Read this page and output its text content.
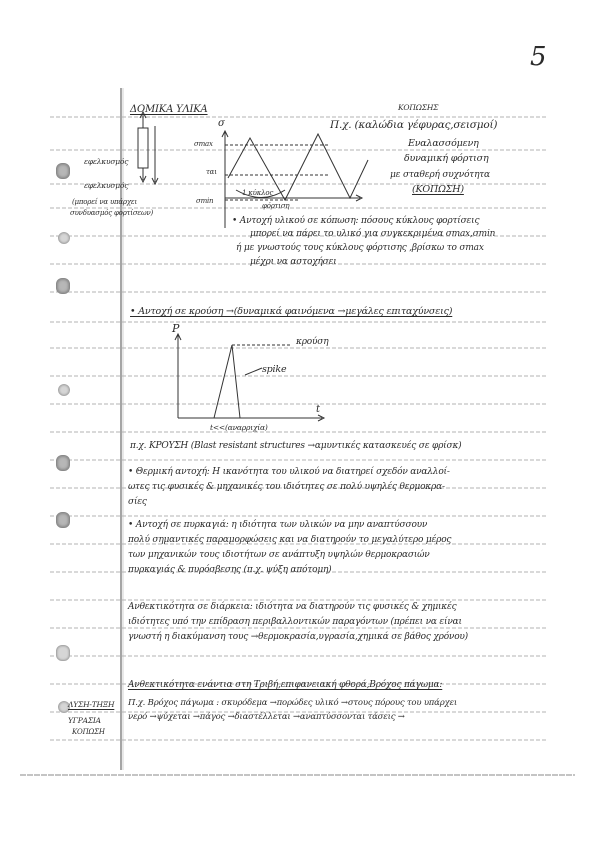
5
ΔΟΜΙΚΑ ΥΛΙΚΑ	ΚΟΠΩΣΗΣ
Π.χ. (καλώδια γέφυρας,σεισμοί)
Εναλασσόμενη
δυναμική φόρτιση
με σταθερή συχνότητα
(ΚΟΠΩΣΗ)
σ
σmax
ται
σmin
1 κύκλος
φόρτιση
εφελκυσμός
εφελκυσμός
(μπορεί να υπάρχει
συνδυασμός φορτίσεων)
• Αντοχή υλικού σε κόπωση: πόσους κύκλους φορτίσεις
μπορεί να πάρει το υλικό για συγκεκριμένα σmax,σmin
ή με γνωστούς τους κύκλους φόρτισης ,βρίσκω το σmax
μέχρι να αστοχήσει
• Αντοχή σε κρούση →(δυναμικά φαινόμενα →μεγάλες επιταχύνσεις)
P
κρούση
spike
t
t<<(αναρριχία)
π.χ. ΚΡΟΥΣΗ (Blast resistant structures →αμυντικές κατασκευές σε φρίσκ)
• Θερμική αντοχή: Η ικανότητα του υλικού να διατηρεί σχεδόν αναλλοί-
ωτες τις φυσικές & μηχανικές του ιδιότητες σε πολύ υψηλές θερμοκρα-
σίες
• Αντοχή σε πυρκαγιά: η ιδιότητα των υλικών να μην αναπτύσσουν
πολύ σημαντικές παραμορφώσεις και να διατηρούν το μεγαλύτερο μέρος
των μηχανικών τους ιδιοτήτων σε ανάπτυξη υψηλών θερμοκρασιών
πυρκαγιάς & πυρόσβεσης (π.χ. ψύξη απότομη)
Ανθεκτικότητα σε διάρκεια: ιδιότητα να διατηρούν τις φυσικές & χημικές
ιδιότητες υπό την επίδραση περιβαλλοντικών παραγόντων (πρέπει να είναι
γνωστή η διακύμανση τους →θερμοκρασία,υγρασία,χημικά σε βάθος χρόνου)
Ανθεκτικότητα ενάντια στη Τριβή,επιφανειακή φθορά,Βρόχος πάγωμα:
Π.χ. Βρόχος πάγωμα : σκυρόδεμα →πορώδες υλικό →στους πόρους του υπάρχει
νερό →ψύχεται →πάγος →διαστέλλεται →αναπτύσσονται τάσεις →
ΛΥΣΗ-ΤΗΞΗ
ΥΓΡΑΣΙΑ
ΚΟΠΩΣΗ
